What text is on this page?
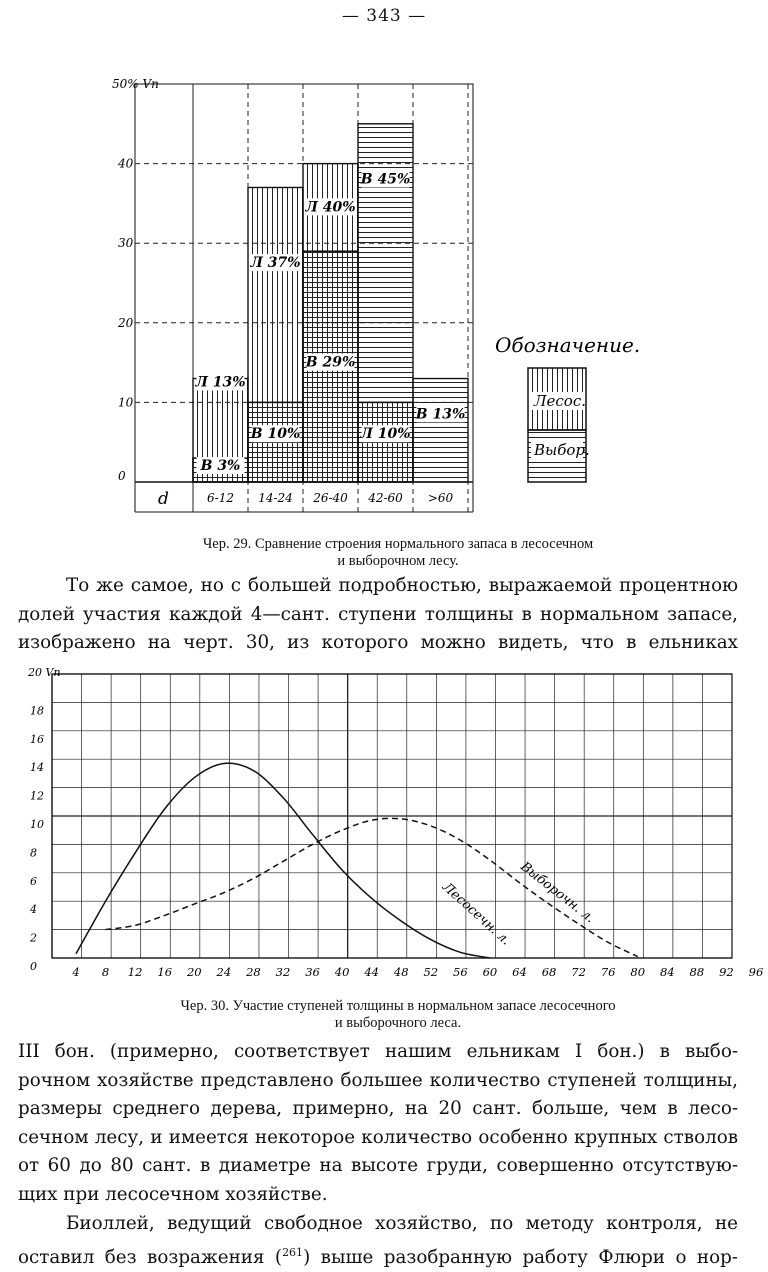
— 343 —
0
10
20
30
40
50% Vn
d	6-12 14-24 26-40 42-60 >60
Л 13%
В 3%
Л 37%
В 10%
Л 40%
В 29%
В 45%
Л 10%
В 13%
Обозначение.
Лесос.
Выбор.
Чер. 29. Сравнение строения нормального запаса в лесосечном
и выборочном лесу.
То же самое, но с большей подробностью, выражаемой процентною
долей участия каждой 4—сант. ступени толщины в нормальном запасе,
изображено на черт. 30, из которого можно видеть, что в ельниках
0
2
4
6
8
10
12
14
16
18
20 Vn
4 8 12 16 20 24 28 32 36 40 44 48 52 56 60 64 68 72 76 80 84 88 92 96
Лесосечн. л. Выборочн. л.
Чер. 30. Участие ступеней толщины в нормальном запасе лесосечного
и выборочного леса.
III бон. (примерно, соответствует нашим ельникам I бон.) в выбо-
рочном хозяйстве представлено большее количество ступеней толщины,
размеры среднего дерева, примерно, на 20 сант. больше, чем в лесо-
сечном лесу, и имеется некоторое количество особенно крупных стволов
от 60 до 80 сант. в диаметре на высоте груди, совершенно отсутствую-
щих при лесосечном хозяйстве.
Биоллей, ведущий свободное хозяйство, по методу контроля, не
оставил без возражения ($^{261}$) выше разобранную работу Флюри о нор-
